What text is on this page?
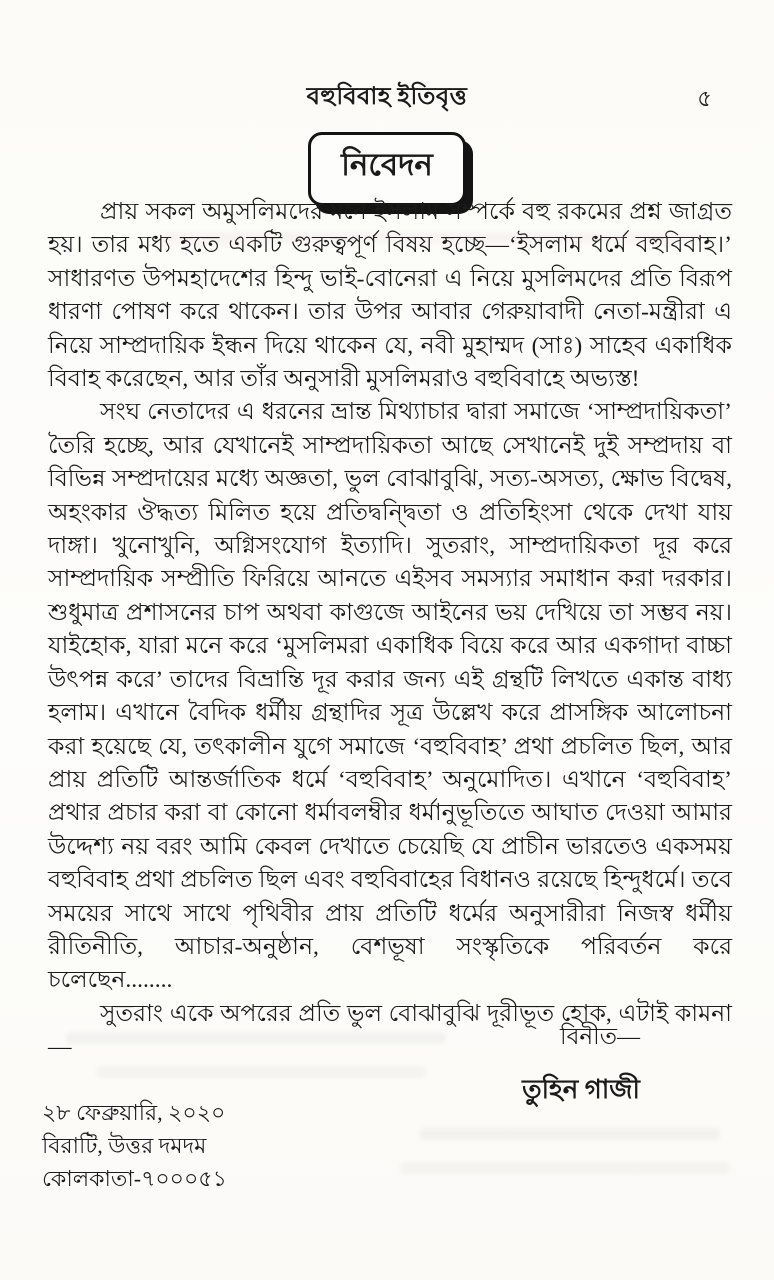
বহুবিবাহ ইতিবৃত্ত	৫
নিবেদন

প্রায় সকল অমুসলিমদের মনে ইসলাম সম্পর্কে বহু রকমের প্রশ্ন জাগ্রত হয়। তার মধ্য হতে একটি গুরুত্বপূর্ণ বিষয় হচ্ছে—‘ইসলাম ধর্মে বহুবিবাহ।’ সাধারণত উপমহাদেশের হিন্দু ভাই-বোনেরা এ নিয়ে মুসলিমদের প্রতি বিরূপ ধারণা পোষণ করে থাকেন। তার উপর আবার গেরুয়াবাদী নেতা-মন্ত্রীরা এ নিয়ে সাম্প্রদায়িক ইন্ধন দিয়ে থাকেন যে, নবী মুহাম্মদ (সাঃ) সাহেব একাধিক বিবাহ করেছেন, আর তাঁর অনুসারী মুসলিমরাও বহুবিবাহে অভ্যস্ত!

সংঘ নেতাদের এ ধরনের ভ্রান্ত মিথ্যাচার দ্বারা সমাজে ‘সাম্প্রদায়িকতা’ তৈরি হচ্ছে, আর যেখানেই সাম্প্রদায়িকতা আছে সেখানেই দুই সম্প্রদায় বা বিভিন্ন সম্প্রদায়ের মধ্যে অজ্ঞতা, ভুল বোঝাবুঝি, সত্য-অসত্য, ক্ষোভ বিদ্বেষ, অহংকার ঔদ্ধত্য মিলিত হয়ে প্রতিদ্বন্দ্বিতা ও প্রতিহিংসা থেকে দেখা যায় দাঙ্গা। খুনোখুনি, অগ্নিসংযোগ ইত্যাদি। সুতরাং, সাম্প্রদায়িকতা দূর করে সাম্প্রদায়িক সম্প্রীতি ফিরিয়ে আনতে এইসব সমস্যার সমাধান করা দরকার। শুধুমাত্র প্রশাসনের চাপ অথবা কাগুজে আইনের ভয় দেখিয়ে তা সম্ভব নয়। যাইহোক, যারা মনে করে ‘মুসলিমরা একাধিক বিয়ে করে আর একগাদা বাচ্চা উৎপন্ন করে’ তাদের বিভ্রান্তি দূর করার জন্য এই গ্রন্থটি লিখতে একান্ত বাধ্য হলাম। এখানে বৈদিক ধর্মীয় গ্রন্থাদির সূত্র উল্লেখ করে প্রাসঙ্গিক আলোচনা করা হয়েছে যে, তৎকালীন যুগে সমাজে ‘বহুবিবাহ’ প্রথা প্রচলিত ছিল, আর প্রায় প্রতিটি আন্তর্জাতিক ধর্মে ‘বহুবিবাহ’ অনুমোদিত। এখানে ‘বহুবিবাহ’ প্রথার প্রচার করা বা কোনো ধর্মাবলম্বীর ধর্মানুভূতিতে আঘাত দেওয়া আমার উদ্দেশ্য নয় বরং আমি কেবল দেখাতে চেয়েছি যে প্রাচীন ভারতেও একসময় বহুবিবাহ প্রথা প্রচলিত ছিল এবং বহুবিবাহের বিধানও রয়েছে হিন্দুধর্মে। তবে সময়ের সাথে সাথে পৃথিবীর প্রায় প্রতিটি ধর্মের অনুসারীরা নিজস্ব ধর্মীয় রীতিনীতি, আচার-অনুষ্ঠান, বেশভূষা সংস্কৃতিকে পরিবর্তন করে চলেছেন........

সুতরাং একে অপরের প্রতি ভুল বোঝাবুঝি দূরীভূত হোক, এটাই কামনা—	বিনীত—
তুহিন গাজী
২৮ ফেব্রুয়ারি, ২০২০
বিরাটি, উত্তর দমদম
কোলকাতা-৭০০০৫১
